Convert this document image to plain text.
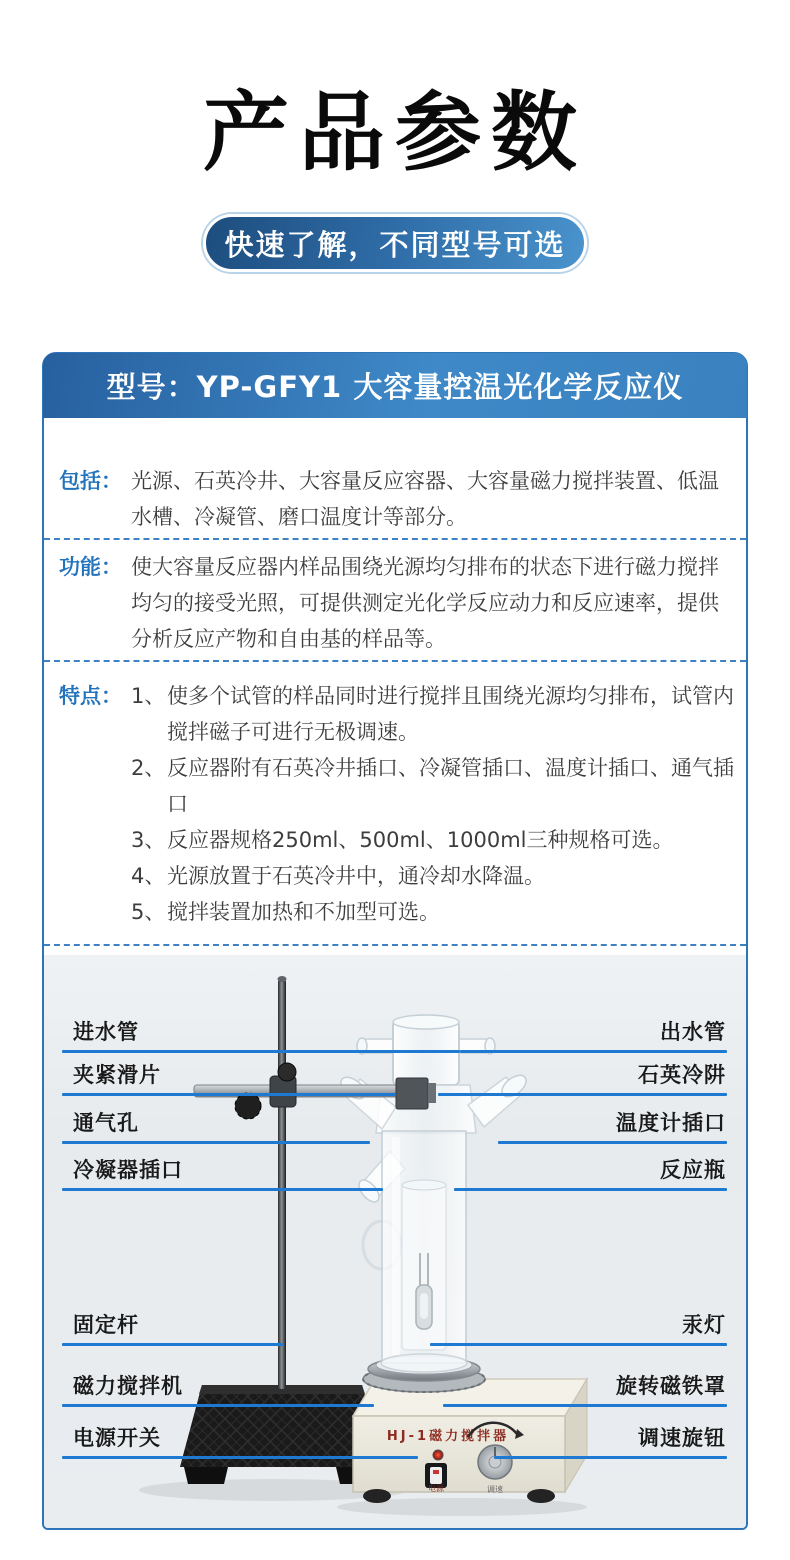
产品参数
快速了解，不同型号可选
型号：YP-GFY1 大容量控温光化学反应仪
包括： 光源、石英冷井、大容量反应容器、大容量磁力搅拌装置、低温水槽、冷凝管、磨口温度计等部分。
功能： 使大容量反应器内样品围绕光源均匀排布的状态下进行磁力搅拌均匀的接受光照，可提供测定光化学反应动力和反应速率，提供分析反应产物和自由基的样品等。
特点： 1、 使多个试管的样品同时进行搅拌且围绕光源均匀排布，试管内搅拌磁子可进行无极调速。
2、 反应器附有石英冷井插口、冷凝管插口、温度计插口、通气插口
3、 反应器规格250ml、500ml、1000ml三种规格可选。
4、 光源放置于石英冷井中，通冷却水降温。
5、 搅拌装置加热和不加型可选。
HJ-1磁力搅拌器
电源	调速
进水管
夹紧滑片
通气孔
冷凝器插口
固定杆
磁力搅拌机
电源开关
出水管
石英冷阱
温度计插口
反应瓶
汞灯
旋转磁铁罩
调速旋钮
